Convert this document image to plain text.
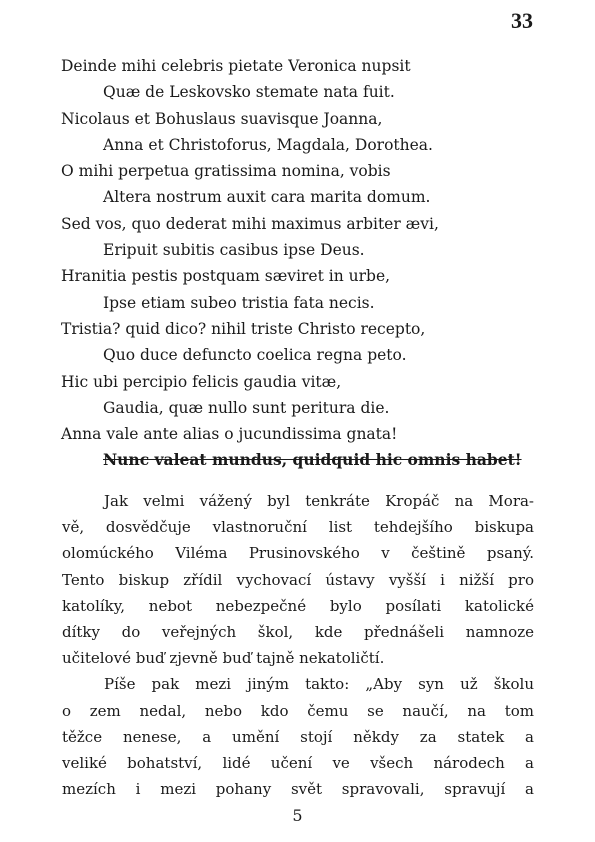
33
Deinde mihi celebris pietate Veronica nupsit
Quæ de Leskovsko stemate nata fuit.
Nicolaus et Bohuslaus suavisque Joanna,
Anna et Christoforus, Magdala, Dorothea.
O mihi perpetua gratissima nomina, vobis
Altera nostrum auxit cara marita domum.
Sed vos, quo dederat mihi maximus arbiter ævi,
Eripuit subitis casibus ipse Deus.
Hranitia pestis postquam sæviret in urbe,
Ipse etiam subeo tristia fata necis.
Tristia? quid dico? nihil triste Christo recepto,
Quo duce defuncto coelica regna peto.
Hic ubi percipio felicis gaudia vitæ,
Gaudia, quæ nullo sunt peritura die.
Anna vale ante alias o jucundissima gnata!
Nunc valeat mundus, quidquid hic omnis habet!
Jak velmi vážený byl tenkráte Kropáč na Mora-
vě, dosvědčuje vlastnoruční list tehdejšího biskupa
olomúckého Viléma Prusinovského v češtině psaný.
Tento biskup zřídil vychovací ústavy vyšší i nižší pro
katolíky, nebot nebezpečné bylo posílati katolické
dítky do veřejných škol, kde přednášeli namnoze
učitelové buď zjevně buď tajně nekatoličtí.
Píše pak mezi jiným takto: „Aby syn už školu
o zem nedal, nebo kdo čemu se naučí, na tom
těžce nenese, a umění stojí někdy za statek a
veliké bohatství, lidé učení ve všech národech a
mezích i mezi pohany svět spravovali, spravují a
5
